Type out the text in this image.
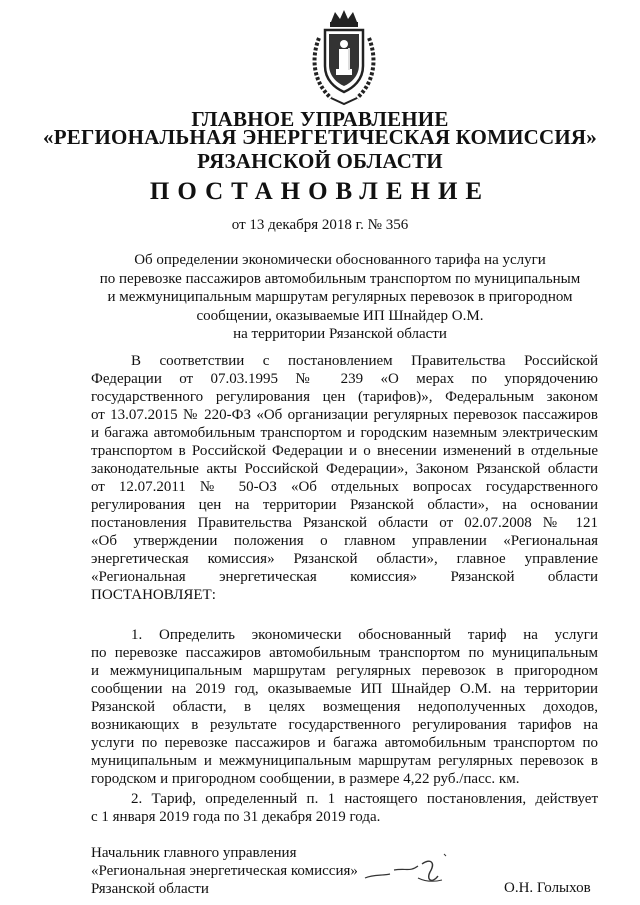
ГЛАВНОЕ УПРАВЛЕНИЕ
«РЕГИОНАЛЬНАЯ ЭНЕРГЕТИЧЕСКАЯ КОМИССИЯ»
РЯЗАНСКОЙ ОБЛАСТИ
ПОСТАНОВЛЕНИЕ
от 13 декабря 2018 г. № 356
Об определении экономически обоснованного тарифа на услуги
по перевозке пассажиров автомобильным транспортом по муниципальным
и межмуниципальным маршрутам регулярных перевозок в пригородном
сообщении, оказываемые ИП Шнайдер О.М.
на территории Рязанской области
В соответствии с постановлением Правительства Российской
Федерации от 07.03.1995 № 239 «О мерах по упорядочению
государственного регулирования цен (тарифов)», Федеральным законом
от 13.07.2015 № 220-ФЗ «Об организации регулярных перевозок пассажиров
и багажа автомобильным транспортом и городским наземным электрическим
транспортом в Российской Федерации и о внесении изменений в отдельные
законодательные акты Российской Федерации», Законом Рязанской области
от 12.07.2011 № 50-ОЗ «Об отдельных вопросах государственного
регулирования цен на территории Рязанской области», на основании
постановления Правительства Рязанской области от 02.07.2008 № 121
«Об утверждении положения о главном управлении «Региональная
энергетическая комиссия» Рязанской области», главное управление
«Региональная энергетическая комиссия» Рязанской области
ПОСТАНОВЛЯЕТ:
1. Определить экономически обоснованный тариф на услуги
по перевозке пассажиров автомобильным транспортом по муниципальным
и межмуниципальным маршрутам регулярных перевозок в пригородном
сообщении на 2019 год, оказываемые ИП Шнайдер О.М. на территории
Рязанской области, в целях возмещения недополученных доходов,
возникающих в результате государственного регулирования тарифов на
услуги по перевозке пассажиров и багажа автомобильным транспортом по
муниципальным и межмуниципальным маршрутам регулярных перевозок в
городском и пригородном сообщении, в размере 4,22 руб./пасс. км.
2. Тариф, определенный п. 1 настоящего постановления, действует
с 1 января 2019 года по 31 декабря 2019 года.
Начальник главного управления
«Региональная энергетическая комиссия»
Рязанской области	О.Н. Голыхов
